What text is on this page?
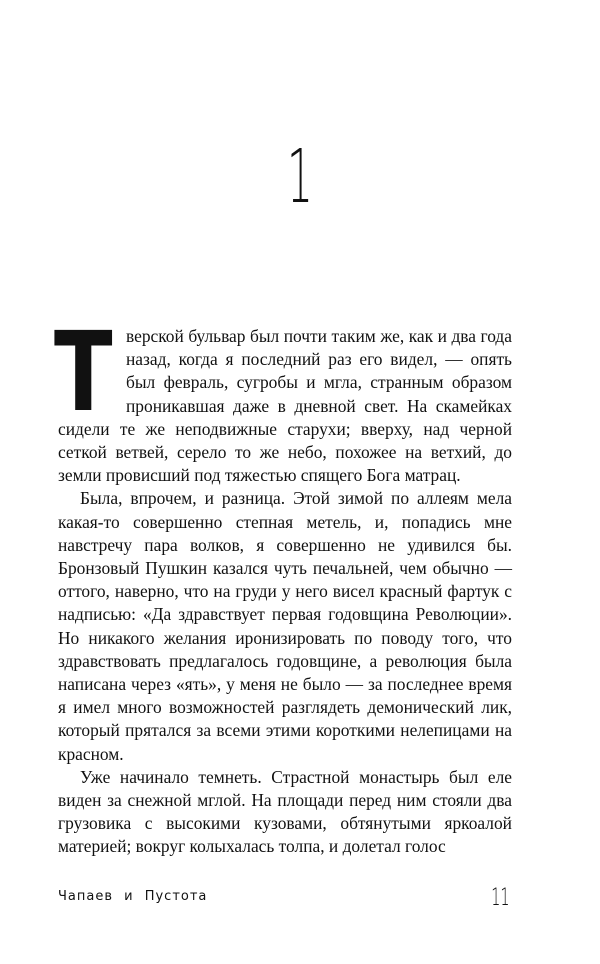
1

Тверской бульвар был почти таким же, как и два года назад, когда я последний раз его видел, — опять был февраль, сугробы и мгла, странным образом проникавшая даже в дневной свет. На скамейках сидели те же неподвижные старухи; вверху, над черной сеткой ветвей, серело то же небо, похожее на ветхий, до земли провисший под тяжестью спящего Бога матрац.

Была, впрочем, и разница. Этой зимой по аллеям мела какая-то совершенно степная метель, и, попадись мне навстречу пара волков, я совершенно не удивился бы. Бронзовый Пушкин казался чуть печальней, чем обычно — оттого, наверно, что на груди у него висел красный фартук с надписью: «Да здравствует первая годовщина Революции». Но никакого желания иронизировать по поводу того, что здравствовать предлагалось годовщине, а революция была написана через «ять», у меня не было — за последнее время я имел много возможностей разглядеть демонический лик, который прятался за всеми этими короткими нелепицами на красном.

Уже начинало темнеть. Страстной монастырь был еле виден за снежной мглой. На площади перед ним стояли два грузовика с высокими кузовами, обтянутыми яркоалой материей; вокруг колыхалась толпа, и долетал голос

Чапаев и Пустота	11
